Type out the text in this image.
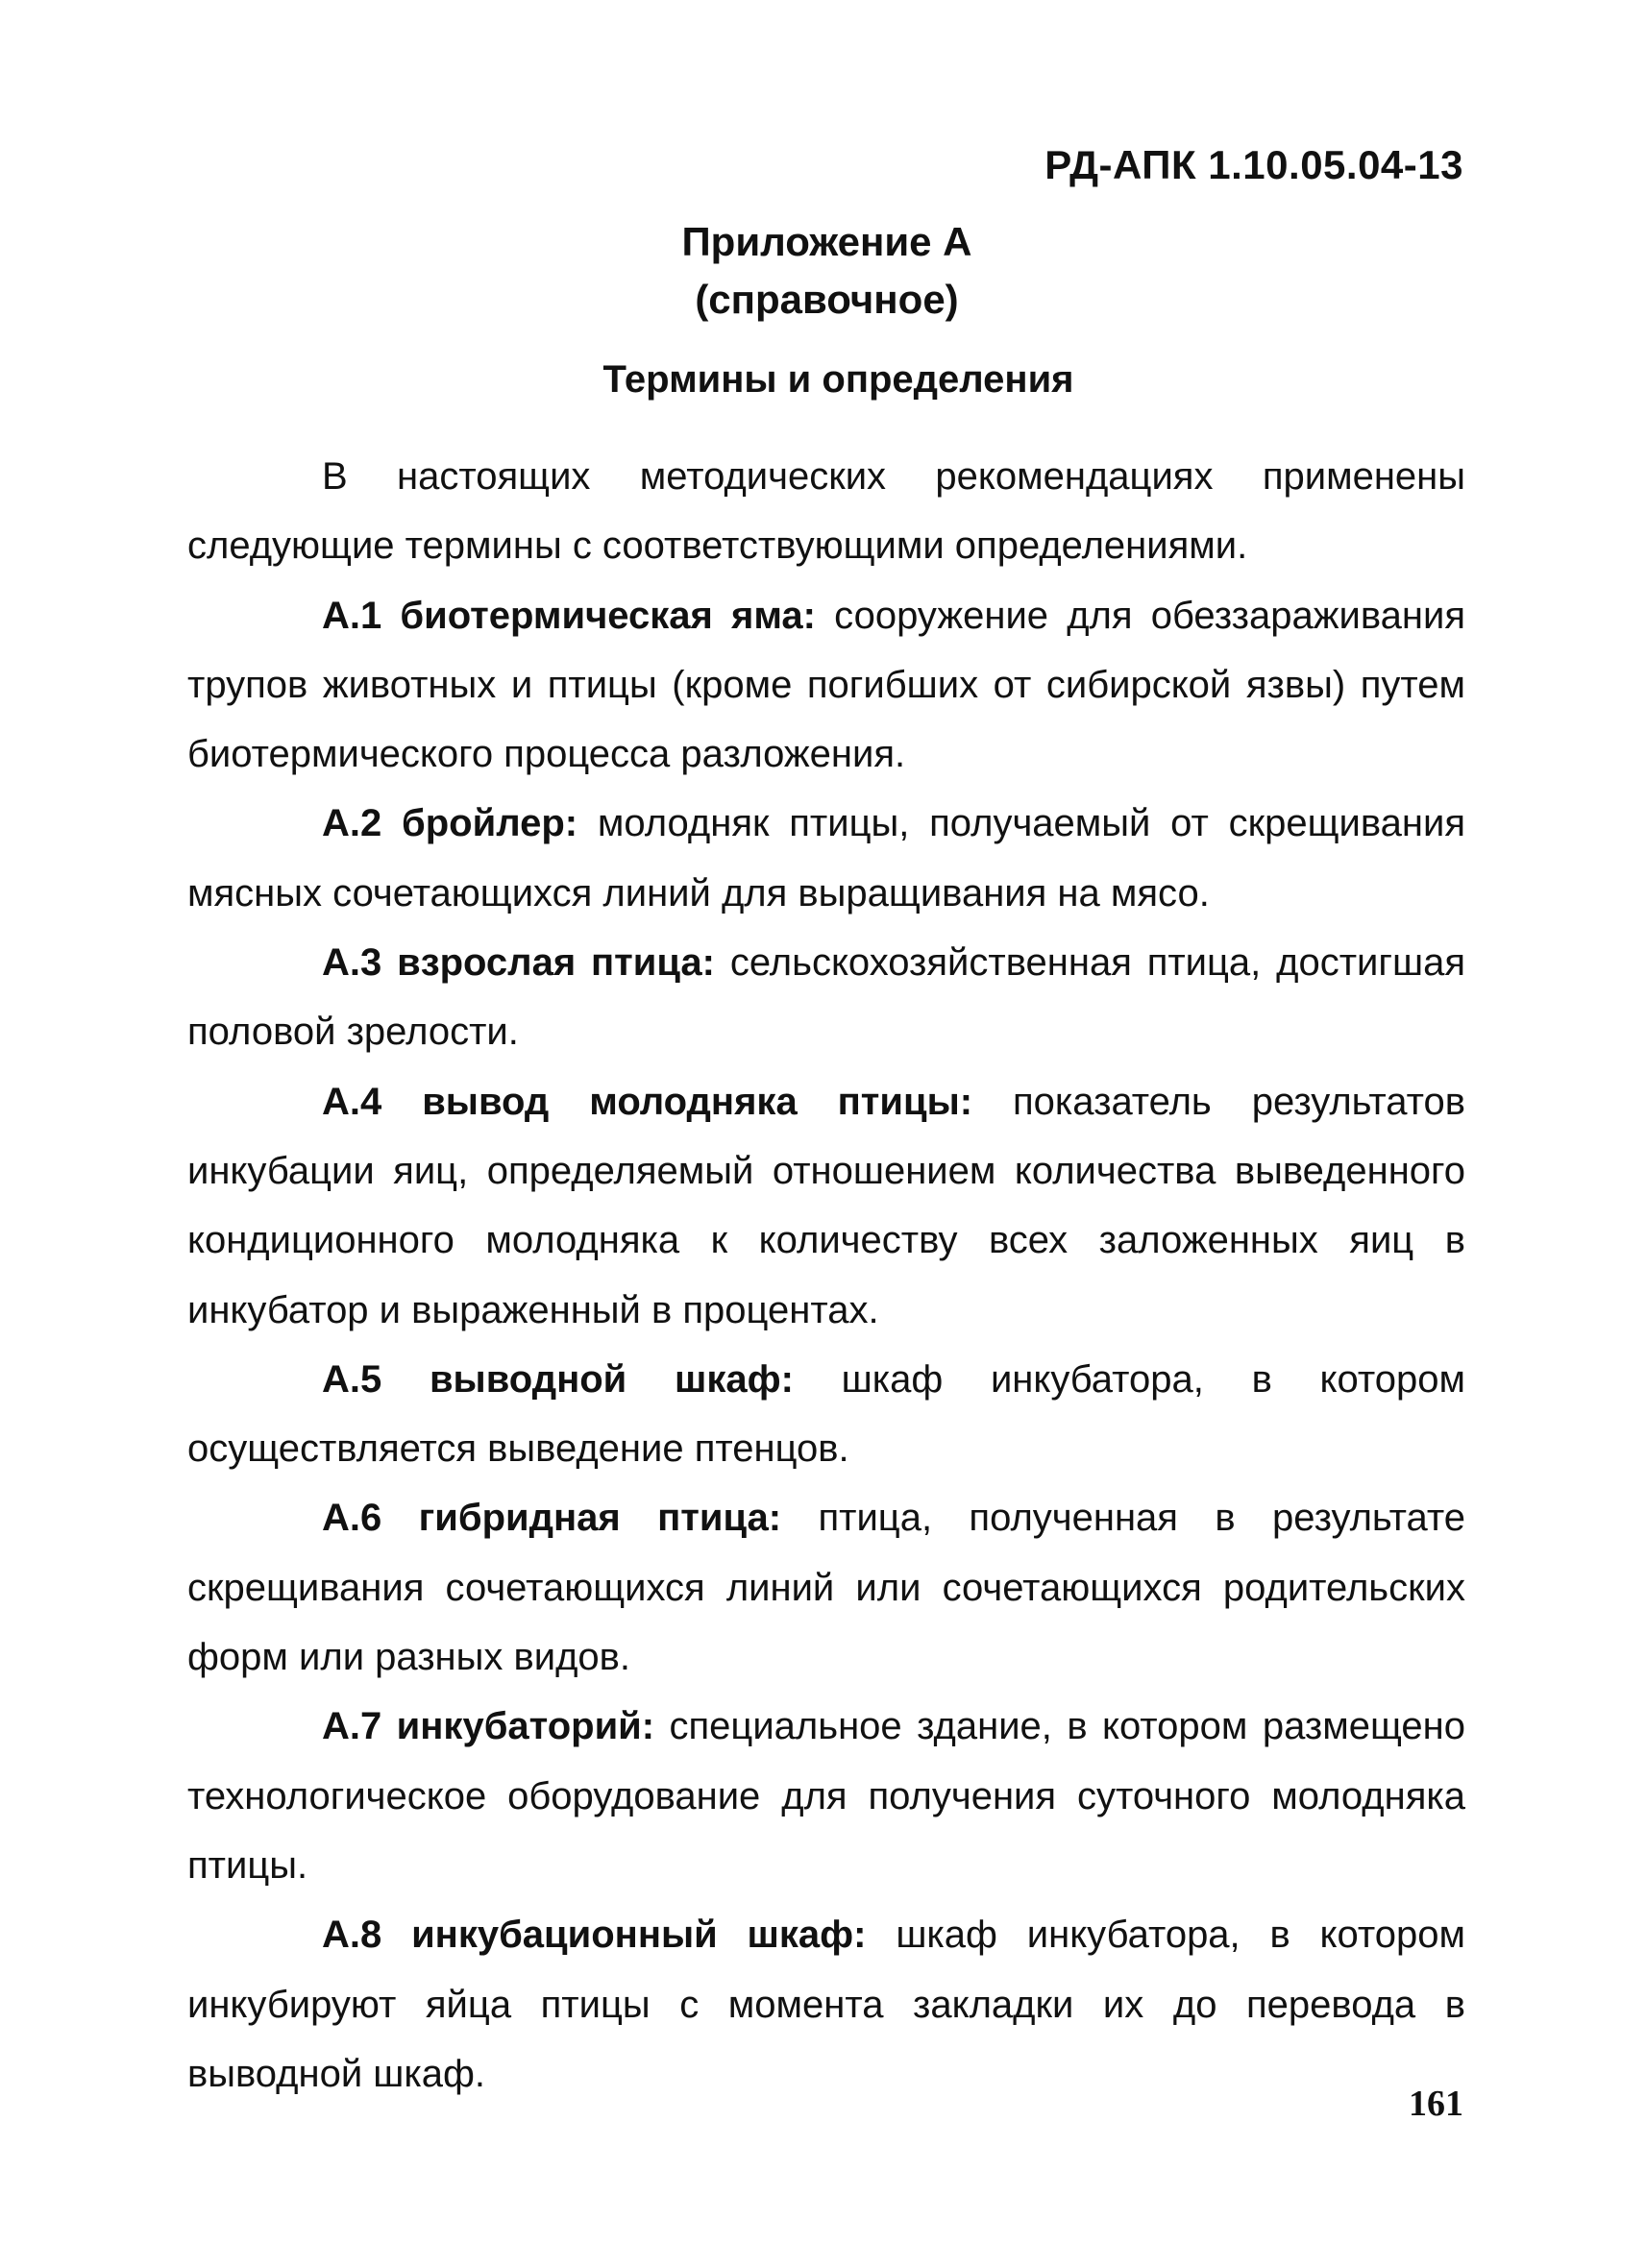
РД-АПК 1.10.05.04-13
Приложение А
(справочное)
Термины и определения

В настоящих методических рекомендациях применены следующие термины с соответствующими определениями.

А.1 биотермическая яма: сооружение для обеззараживания трупов животных и птицы (кроме погибших от сибирской язвы) путем биотермического процесса разложения.

А.2 бройлер: молодняк птицы, получаемый от скрещивания мясных сочетающихся линий для выращивания на мясо.

А.3 взрослая птица: сельскохозяйственная птица, достигшая половой зрелости.

А.4 вывод молодняка птицы: показатель результатов инкубации яиц, определяемый отношением количества выведенного кондиционного молодняка к количеству всех заложенных яиц в инкубатор и выраженный в процентах.

А.5 выводной шкаф: шкаф инкубатора, в котором осуществляется выведение птенцов.

А.6 гибридная птица: птица, полученная в результате скрещивания сочетающихся линий или сочетающихся родительских форм или разных видов.

А.7 инкубаторий: специальное здание, в котором размещено технологическое оборудование для получения суточного молодняка птицы.

А.8 инкубационный шкаф: шкаф инкубатора, в котором инкубируют яйца птицы с момента закладки их до перевода в выводной шкаф.

161
